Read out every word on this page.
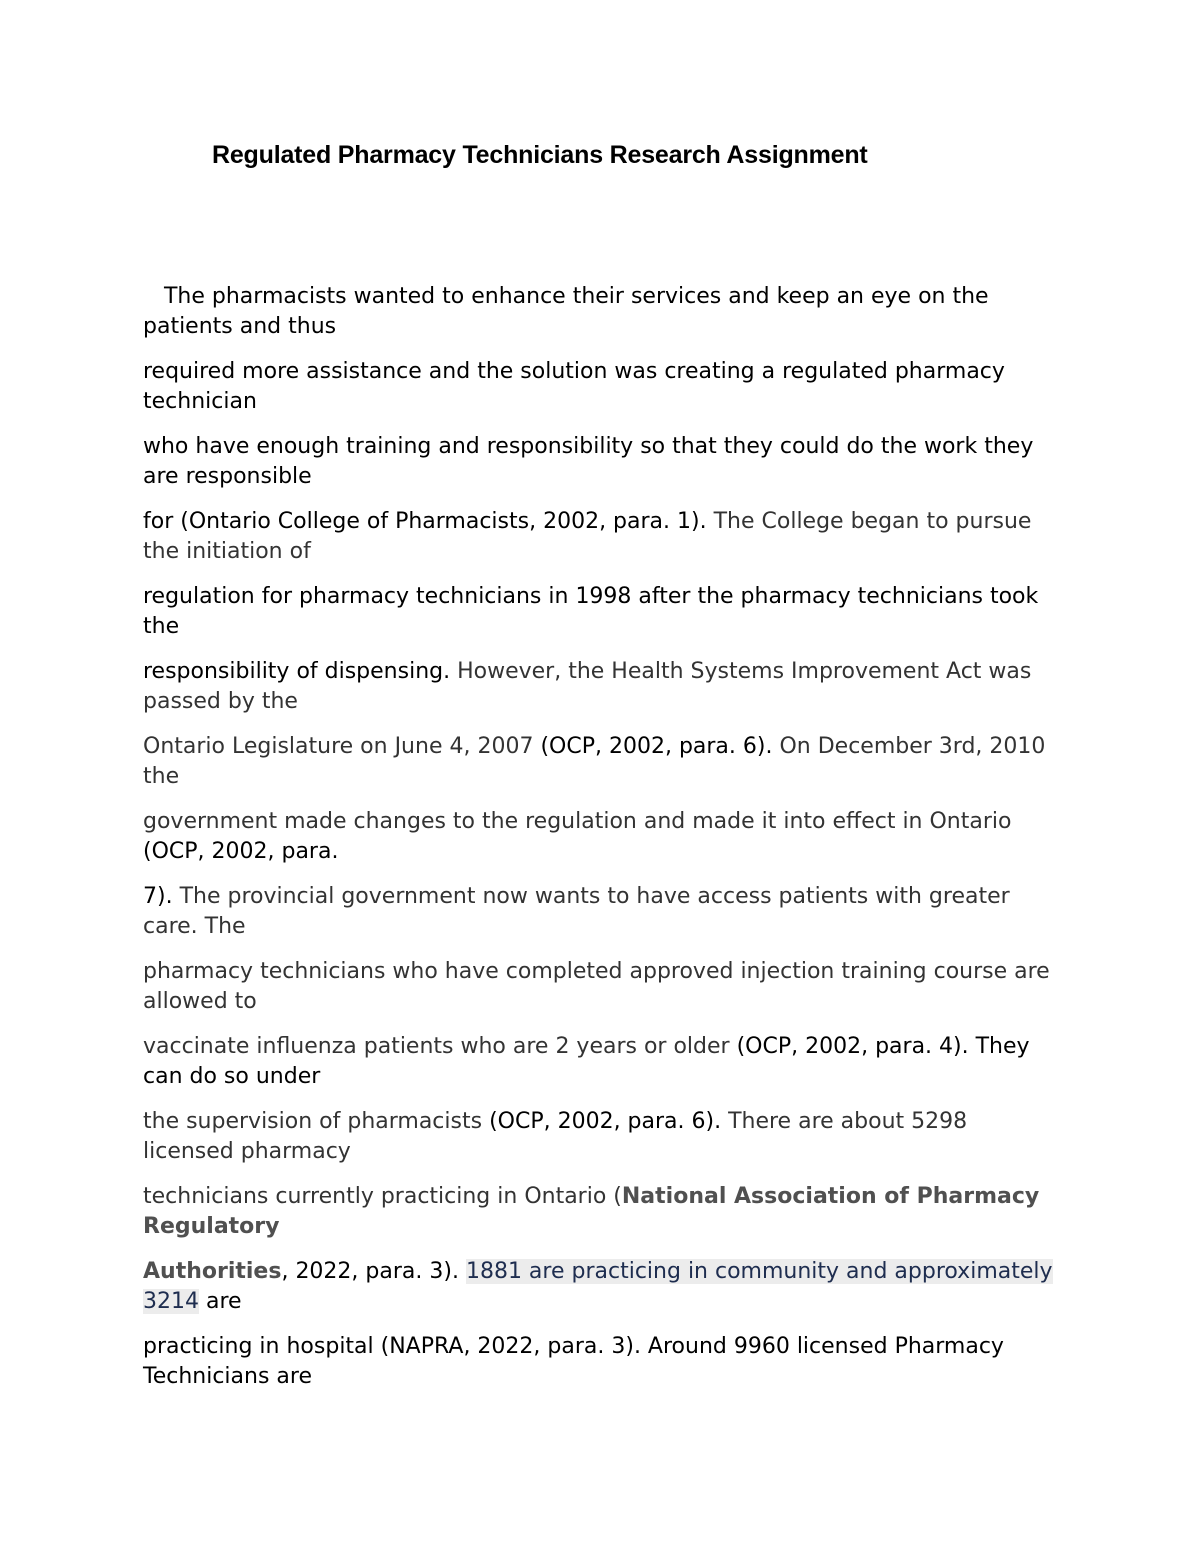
Regulated Pharmacy Technicians Research Assignment

The pharmacists wanted to enhance their services and keep an eye on the patients and thus

required more assistance and the solution was creating a regulated pharmacy technician

who have enough training and responsibility so that they could do the work they are responsible

for (Ontario College of Pharmacists, 2002, para. 1). The College began to pursue the initiation of

regulation for pharmacy technicians in 1998 after the pharmacy technicians took the

responsibility of dispensing. However, the Health Systems Improvement Act was passed by the

Ontario Legislature on June 4, 2007 (OCP, 2002, para. 6). On December 3rd, 2010 the

government made changes to the regulation and made it into effect in Ontario (OCP, 2002, para.

7). The provincial government now wants to have access patients with greater care. The

pharmacy technicians who have completed approved injection training course are allowed to

vaccinate influenza patients who are 2 years or older (OCP, 2002, para. 4). They can do so under

the supervision of pharmacists (OCP, 2002, para. 6). There are about 5298 licensed pharmacy

technicians currently practicing in Ontario (National Association of Pharmacy Regulatory

Authorities, 2022, para. 3). 1881 are practicing in community and approximately 3214 are

practicing in hospital (NAPRA, 2022, para. 3). Around 9960 licensed Pharmacy Technicians are
